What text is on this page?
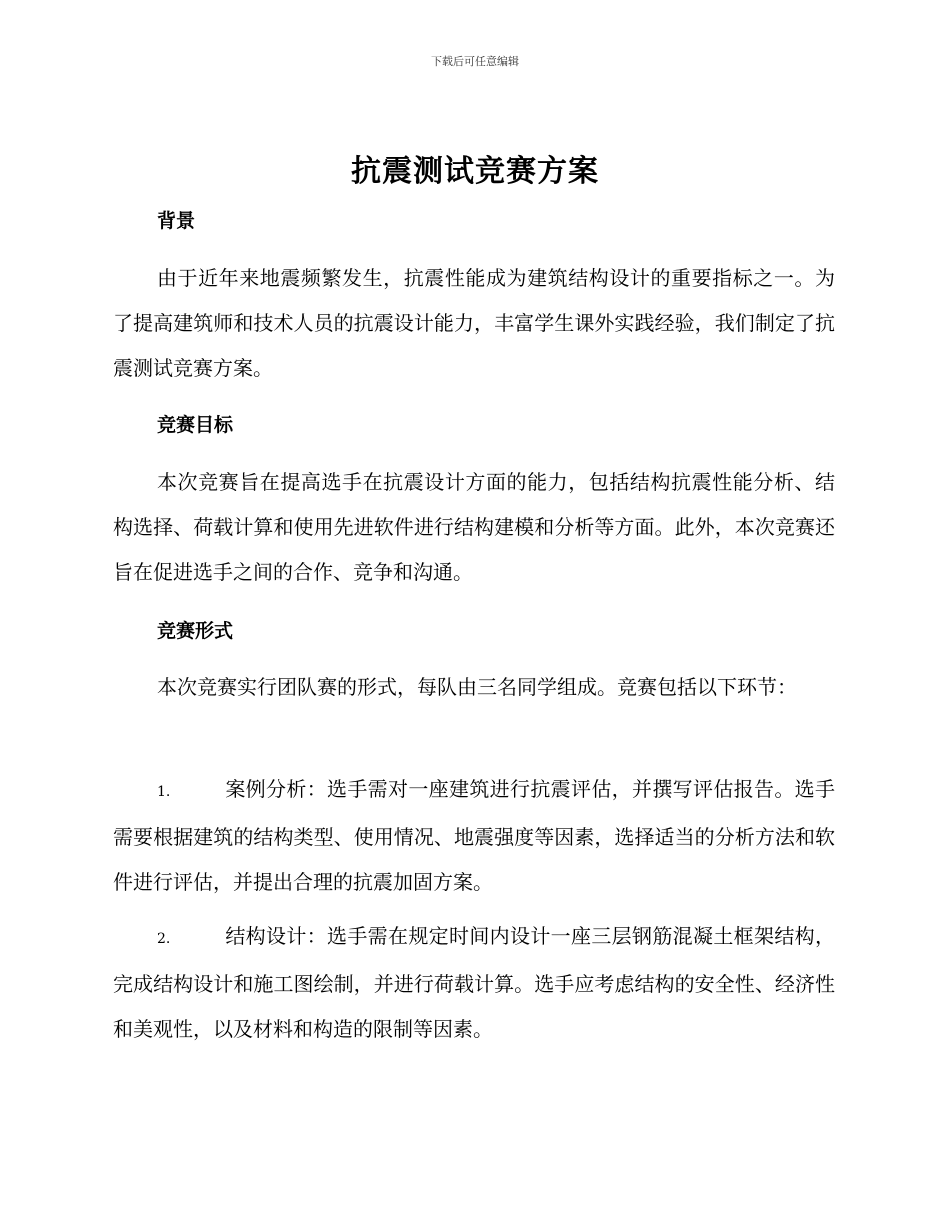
下载后可任意编辑
抗震测试竞赛方案
背景

由于近年来地震频繁发生，抗震性能成为建筑结构设计的重要指标之一。为了提高建筑师和技术人员的抗震设计能力，丰富学生课外实践经验，我们制定了抗震测试竞赛方案。

竞赛目标

本次竞赛旨在提高选手在抗震设计方面的能力，包括结构抗震性能分析、结构选择、荷载计算和使用先进软件进行结构建模和分析等方面。此外，本次竞赛还旨在促进选手之间的合作、竞争和沟通。

竞赛形式

本次竞赛实行团队赛的形式，每队由三名同学组成。竞赛包括以下环节：

1.	案例分析：选手需对一座建筑进行抗震评估，并撰写评估报告。选手需要根据建筑的结构类型、使用情况、地震强度等因素，选择适当的分析方法和软件进行评估，并提出合理的抗震加固方案。

2.	结构设计：选手需在规定时间内设计一座三层钢筋混凝土框架结构，完成结构设计和施工图绘制，并进行荷载计算。选手应考虑结构的安全性、经济性和美观性，以及材料和构造的限制等因素。
